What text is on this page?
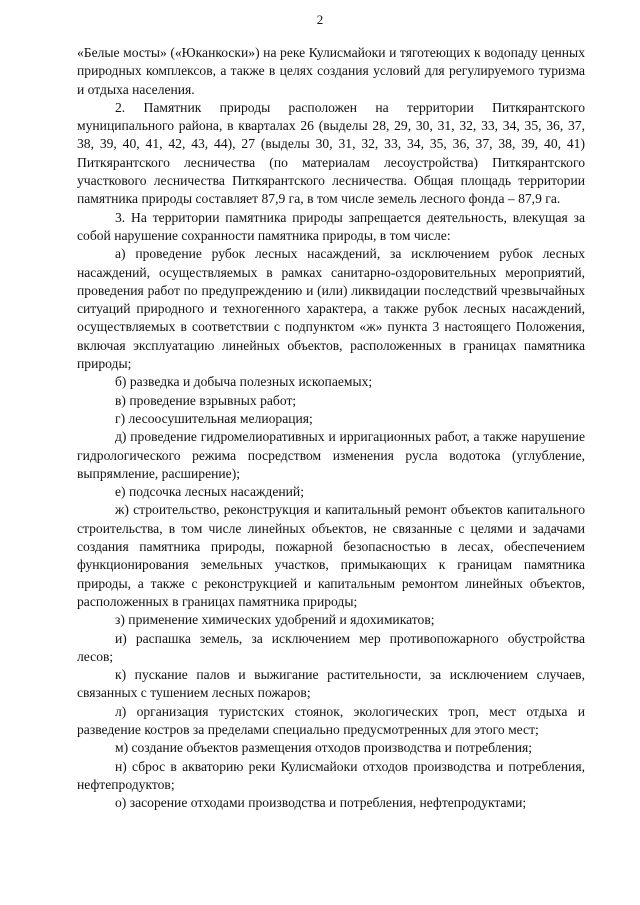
2

«Белые мосты» («Юканкоски») на реке Кулисмайоки и тяготеющих к водопаду ценных природных комплексов, а также в целях создания условий для регулируемого туризма и отдыха населения.

2. Памятник природы расположен на территории Питкярантского муниципального района, в кварталах 26 (выделы 28, 29, 30, 31, 32, 33, 34, 35, 36, 37, 38, 39, 40, 41, 42, 43, 44), 27 (выделы 30, 31, 32, 33, 34, 35, 36, 37, 38, 39, 40, 41) Питкярантского лесничества (по материалам лесоустройства) Питкярантского участкового лесничества Питкярантского лесничества. Общая площадь территории памятника природы составляет 87,9 га, в том числе земель лесного фонда – 87,9 га.

3. На территории памятника природы запрещается деятельность, влекущая за собой нарушение сохранности памятника природы, в том числе:

а) проведение рубок лесных насаждений, за исключением рубок лесных насаждений, осуществляемых в рамках санитарно-оздоровительных мероприятий, проведения работ по предупреждению и (или) ликвидации последствий чрезвычайных ситуаций природного и техногенного характера, а также рубок лесных насаждений, осуществляемых в соответствии с подпунктом «ж» пункта 3 настоящего Положения, включая эксплуатацию линейных объектов, расположенных в границах памятника природы;

б) разведка и добыча полезных ископаемых;

в) проведение взрывных работ;

г) лесоосушительная мелиорация;

д) проведение гидромелиоративных и ирригационных работ, а также нарушение гидрологического режима посредством изменения русла водотока (углубление, выпрямление, расширение);

е) подсочка лесных насаждений;

ж) строительство, реконструкция и капитальный ремонт объектов капитального строительства, в том числе линейных объектов, не связанные с целями и задачами создания памятника природы, пожарной безопасностью в лесах, обеспечением функционирования земельных участков, примыкающих к границам памятника природы, а также с реконструкцией и капитальным ремонтом линейных объектов, расположенных в границах памятника природы;

з) применение химических удобрений и ядохимикатов;

и) распашка земель, за исключением мер противопожарного обустройства лесов;

к) пускание палов и выжигание растительности, за исключением случаев, связанных с тушением лесных пожаров;

л) организация туристских стоянок, экологических троп, мест отдыха и разведение костров за пределами специально предусмотренных для этого мест;

м) создание объектов размещения отходов производства и потребления;

н) сброс в акваторию реки Кулисмайоки отходов производства и потребления, нефтепродуктов;

о) засорение отходами производства и потребления, нефтепродуктами;
